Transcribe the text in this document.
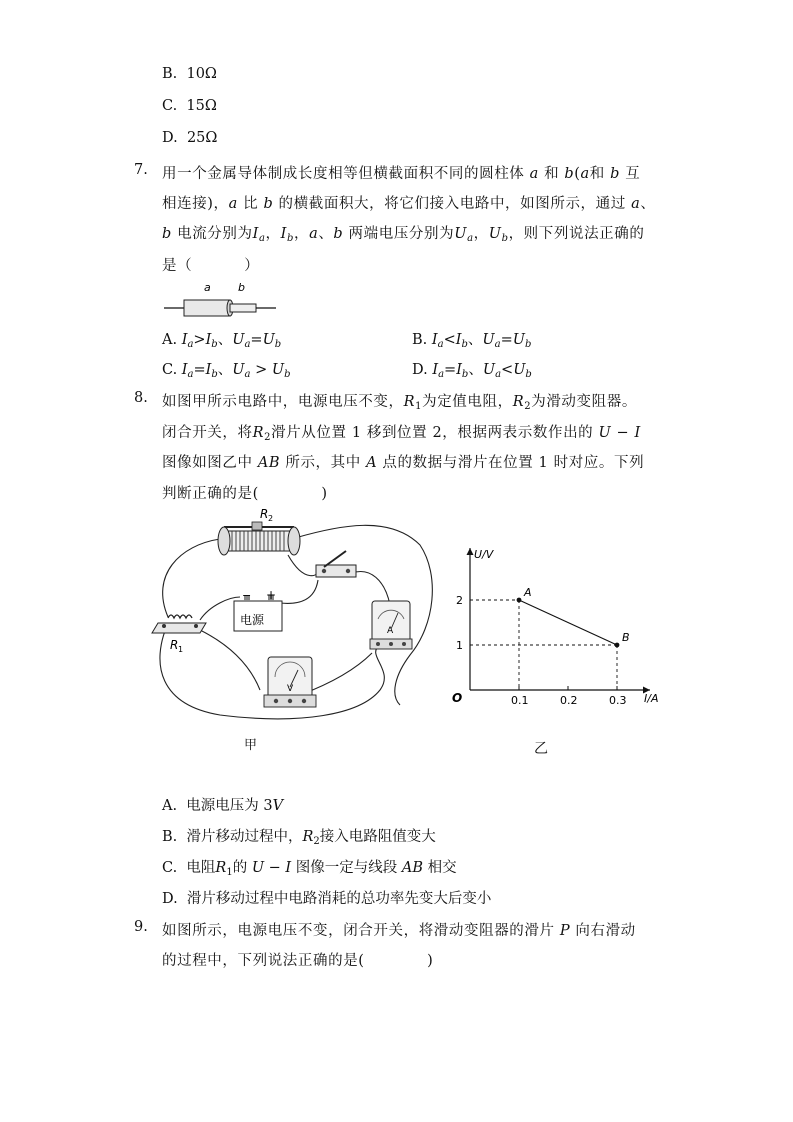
B. 10Ω
C. 15Ω
D. 25Ω
7. 用一个金属导体制成长度相等但横截面积不同的圆柱体 a 和 b(a和 b 互
相连接)，a 比 b 的横截面积大，将它们接入电路中，如图所示，通过 a、
b 电流分别为$I_a$，$I_b$，a、b 两端电压分别为$U_a$，$U_b$，则下列说法正确的
是（          ）
a b
A. $I_a>I_b$、$U_a=U_b$	B. $I_a<I_b$、$U_a=U_b$
C. $I_a=I_b$、$U_a > U_b$	D. $I_a=I_b$、$U_a<U_b$
8. 如图甲所示电路中，电源电压不变，$R_1$为定值电阻，$R_2$为滑动变阻器。
闭合开关，将$R_2$滑片从位置 1 移到位置 2，根据两表示数作出的 U − I
图像如图乙中 AB 所示，其中 A 点的数据与滑片在位置 1 时对应。下列
判断正确的是(            )
R 2
− +
电源
R 1
A
V
甲
U/V
I/A
O	0.1	0.2	0.3
1
2
A
B
乙
A.  电源电压为 3V
B.  滑片移动过程中，$R_2$接入电路阻值变大
C.  电阻$R_1$的 U − I 图像一定与线段 AB 相交
D.  滑片移动过程中电路消耗的总功率先变大后变小
9. 如图所示，电源电压不变，闭合开关，将滑动变阻器的滑片 P 向右滑动
的过程中，下列说法正确的是(            )
